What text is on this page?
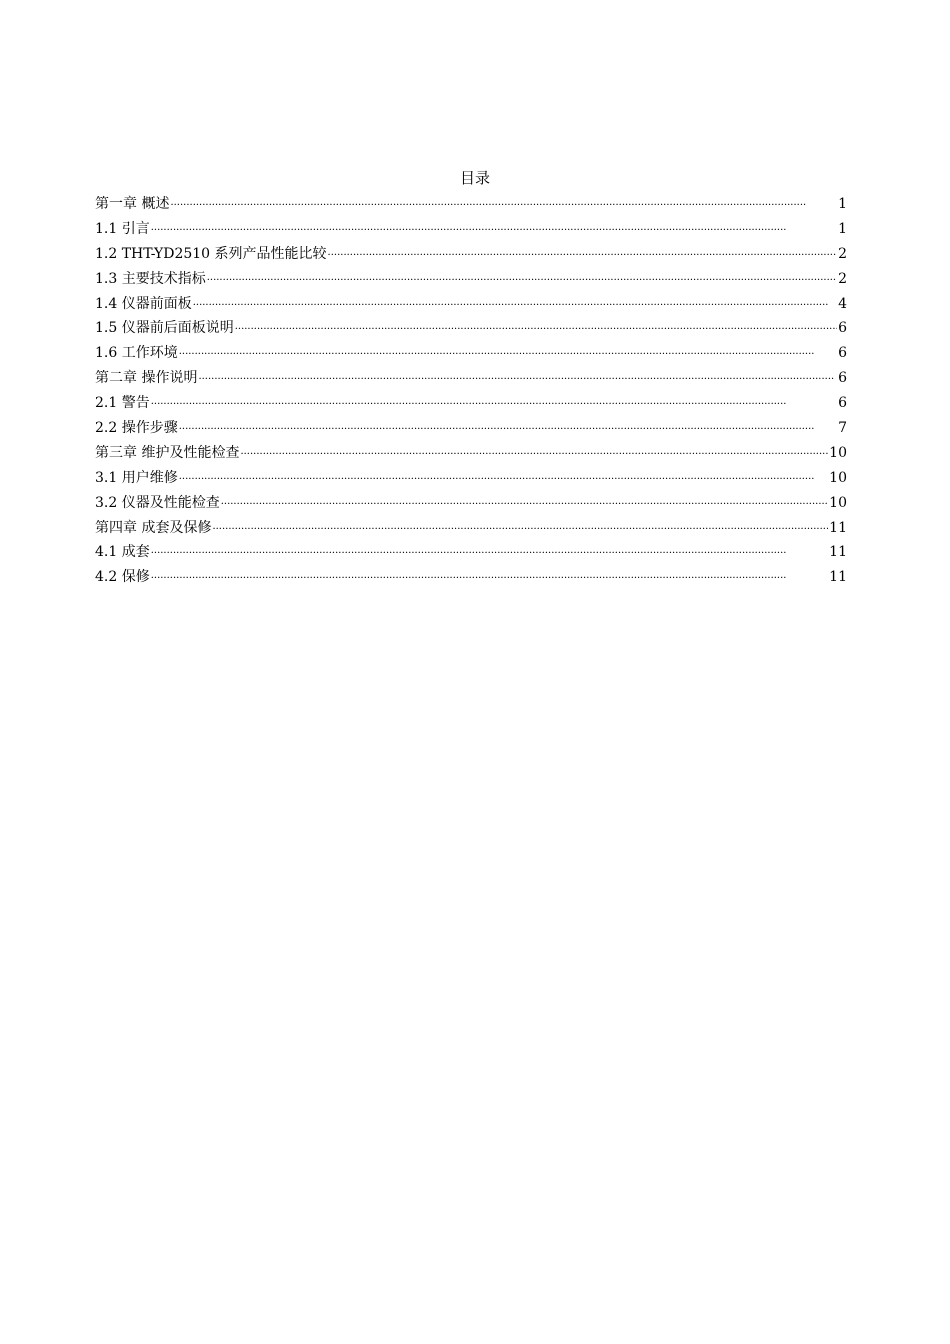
目录
第一章 概述 ·····	1
1.1 引言 ·····	1
1.2 THT-YD2510 系列产品性能比较 ·····	2
1.3 主要技术指标 ·····	2
1.4 仪器前面板 ·····	4
1.5 仪器前后面板说明 ·····	6
1.6 工作环境 ·····	6
第二章 操作说明 ·····	6
2.1 警告 ·····	6
2.2 操作步骤 ·····	7
第三章 维护及性能检查 ·····	10
3.1 用户维修 ·····	10
3.2 仪器及性能检查 ·····	10
第四章 成套及保修 ·····	11
4.1 成套 ·····	11
4.2 保修 ·····	11
